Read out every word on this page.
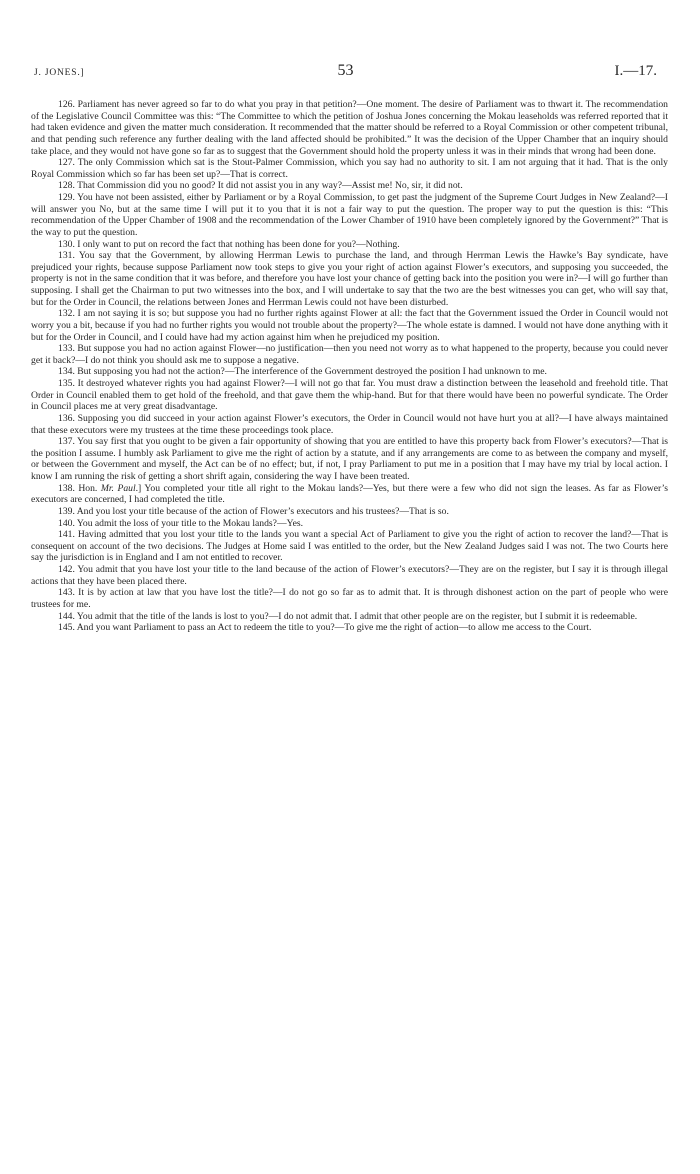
J. JONES.]	53	I.—17.

126. Parliament has never agreed so far to do what you pray in that petition?—One moment. The desire of Parliament was to thwart it. The recommendation of the Legislative Council Committee was this: “The Committee to which the petition of Joshua Jones concerning the Mokau leaseholds was referred reported that it had taken evidence and given the matter much consideration. It recommended that the matter should be referred to a Royal Commission or other competent tribunal, and that pending such reference any further dealing with the land affected should be prohibited.” It was the decision of the Upper Chamber that an inquiry should take place, and they would not have gone so far as to suggest that the Government should hold the property unless it was in their minds that wrong had been done.

127. The only Commission which sat is the Stout-Palmer Commission, which you say had no authority to sit. I am not arguing that it had. That is the only Royal Commission which so far has been set up?—That is correct.

128. That Commission did you no good? It did not assist you in any way?—Assist me! No, sir, it did not.

129. You have not been assisted, either by Parliament or by a Royal Commission, to get past the judgment of the Supreme Court Judges in New Zealand?—I will answer you No, but at the same time I will put it to you that it is not a fair way to put the question. The proper way to put the question is this: “This recommendation of the Upper Chamber of 1908 and the recommendation of the Lower Chamber of 1910 have been completely ignored by the Government?” That is the way to put the question.

130. I only want to put on record the fact that nothing has been done for you?—Nothing.

131. You say that the Government, by allowing Herrman Lewis to purchase the land, and through Herrman Lewis the Hawke’s Bay syndicate, have prejudiced your rights, because suppose Parliament now took steps to give you your right of action against Flower’s executors, and supposing you succeeded, the property is not in the same condition that it was before, and therefore you have lost your chance of getting back into the position you were in?—I will go further than supposing. I shall get the Chairman to put two witnesses into the box, and I will undertake to say that the two are the best witnesses you can get, who will say that, but for the Order in Council, the relations between Jones and Herrman Lewis could not have been disturbed.

132. I am not saying it is so; but suppose you had no further rights against Flower at all: the fact that the Government issued the Order in Council would not worry you a bit, because if you had no further rights you would not trouble about the property?—The whole estate is damned. I would not have done anything with it but for the Order in Council, and I could have had my action against him when he prejudiced my position.

133. But suppose you had no action against Flower—no justification—then you need not worry as to what happened to the property, because you could never get it back?—I do not think you should ask me to suppose a negative.

134. But supposing you had not the action?—The interference of the Government destroyed the position I had unknown to me.

135. It destroyed whatever rights you had against Flower?—I will not go that far. You must draw a distinction between the leasehold and freehold title. That Order in Council enabled them to get hold of the freehold, and that gave them the whip-hand. But for that there would have been no powerful syndicate. The Order in Council places me at very great disadvantage.

136. Supposing you did succeed in your action against Flower’s executors, the Order in Council would not have hurt you at all?—I have always maintained that these executors were my trustees at the time these proceedings took place.

137. You say first that you ought to be given a fair opportunity of showing that you are entitled to have this property back from Flower’s executors?—That is the position I assume. I humbly ask Parliament to give me the right of action by a statute, and if any arrangements are come to as between the company and myself, or between the Government and myself, the Act can be of no effect; but, if not, I pray Parliament to put me in a position that I may have my trial by local action. I know I am running the risk of getting a short shrift again, considering the way I have been treated.

138. Hon. Mr. Paul.] You completed your title all right to the Mokau lands?—Yes, but there were a few who did not sign the leases. As far as Flower’s executors are concerned, I had completed the title.

139. And you lost your title because of the action of Flower’s executors and his trustees?—That is so.

140. You admit the loss of your title to the Mokau lands?—Yes.

141. Having admitted that you lost your title to the lands you want a special Act of Parliament to give you the right of action to recover the land?—That is consequent on account of the two decisions. The Judges at Home said I was entitled to the order, but the New Zealand Judges said I was not. The two Courts here say the jurisdiction is in England and I am not entitled to recover.

142. You admit that you have lost your title to the land because of the action of Flower’s executors?—They are on the register, but I say it is through illegal actions that they have been placed there.

143. It is by action at law that you have lost the title?—I do not go so far as to admit that. It is through dishonest action on the part of people who were trustees for me.

144. You admit that the title of the lands is lost to you?—I do not admit that. I admit that other people are on the register, but I submit it is redeemable.

145. And you want Parliament to pass an Act to redeem the title to you?—To give me the right of action—to allow me access to the Court.
